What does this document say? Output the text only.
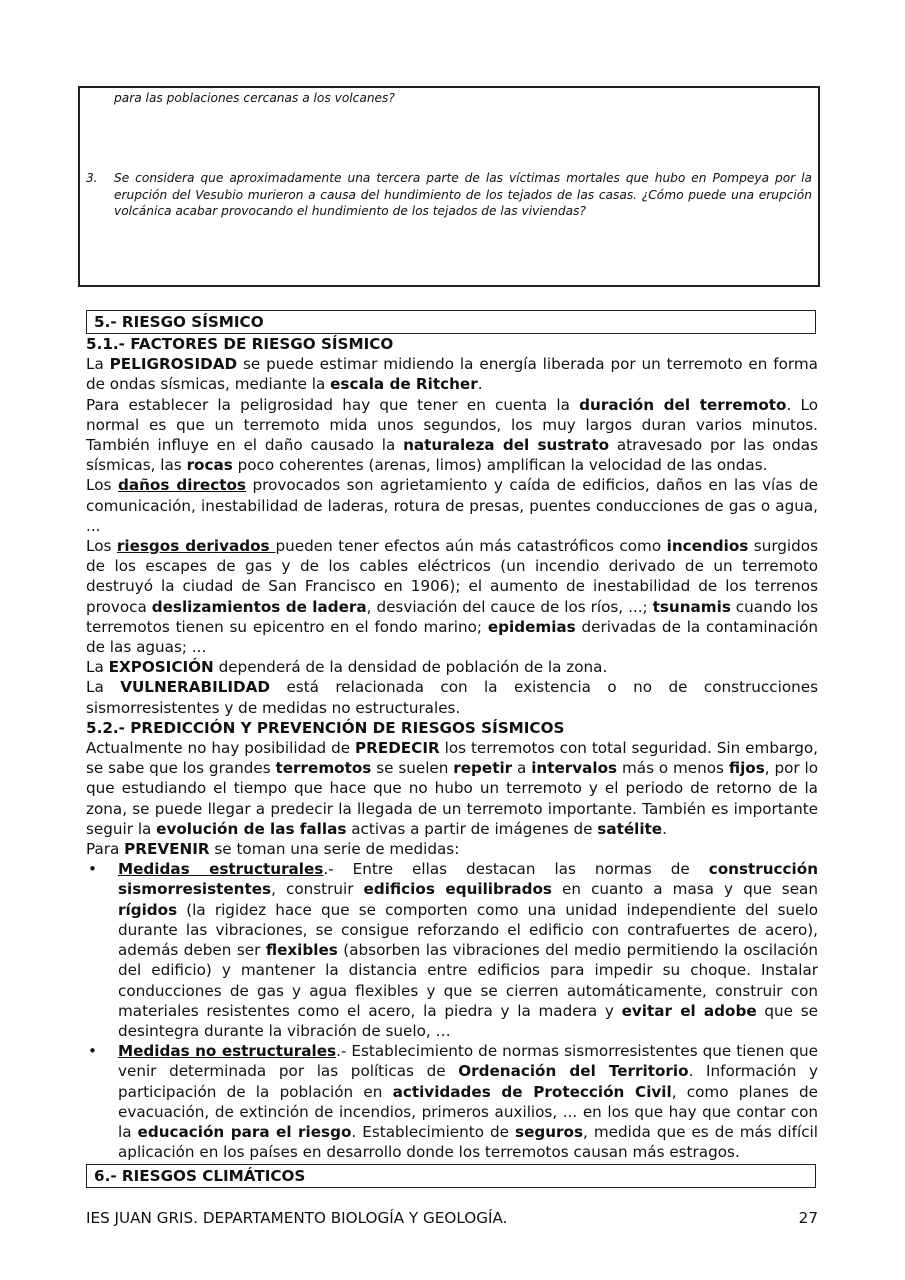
para las poblaciones cercanas a los volcanes?
3.	Se considera que aproximadamente una tercera parte de las víctimas mortales que hubo en Pompeya por la erupción del Vesubio murieron a causa del hundimiento de los tejados de las casas. ¿Cómo puede una erupción volcánica acabar provocando el hundimiento de los tejados de las viviendas?
5.- RIESGO SÍSMICO
5.1.- FACTORES DE RIESGO SÍSMICO

La PELIGROSIDAD se puede estimar midiendo la energía liberada por un terremoto en forma de ondas sísmicas, mediante la escala de Ritcher.

Para establecer la peligrosidad hay que tener en cuenta la duración del terremoto. Lo normal es que un terremoto mida unos segundos, los muy largos duran varios minutos. También influye en el daño causado la naturaleza del sustrato atravesado por las ondas sísmicas, las rocas poco coherentes (arenas, limos) amplifican la velocidad de las ondas.

Los daños directos provocados son agrietamiento y caída de edificios, daños en las vías de comunicación, inestabilidad de laderas, rotura de presas, puentes conducciones de gas o agua, ...

Los riesgos derivados pueden tener efectos aún más catastróficos como incendios surgidos de los escapes de gas y de los cables eléctricos (un incendio derivado de un terremoto destruyó la ciudad de San Francisco en 1906); el aumento de inestabilidad de los terrenos provoca deslizamientos de ladera, desviación del cauce de los ríos, ...; tsunamis cuando los terremotos tienen su epicentro en el fondo marino; epidemias derivadas de la contaminación de las aguas; ...

La EXPOSICIÓN dependerá de la densidad de población de la zona.

La VULNERABILIDAD está relacionada con la existencia o no de construcciones sismorresistentes y de medidas no estructurales.

5.2.- PREDICCIÓN Y PREVENCIÓN DE RIESGOS SÍSMICOS

Actualmente no hay posibilidad de PREDECIR los terremotos con total seguridad. Sin embargo, se sabe que los grandes terremotos se suelen repetir a intervalos más o menos fijos, por lo que estudiando el tiempo que hace que no hubo un terremoto y el periodo de retorno de la zona, se puede llegar a predecir la llegada de un terremoto importante. También es importante seguir la evolución de las fallas activas a partir de imágenes de satélite.

Para PREVENIR se toman una serie de medidas:

• Medidas estructurales.- Entre ellas destacan las normas de construcción sismorresistentes, construir edificios equilibrados en cuanto a masa y que sean rígidos (la rigidez hace que se comporten como una unidad independiente del suelo durante las vibraciones, se consigue reforzando el edificio con contrafuertes de acero), además deben ser flexibles (absorben las vibraciones del medio permitiendo la oscilación del edificio) y mantener la distancia entre edificios para impedir su choque. Instalar conducciones de gas y agua flexibles y que se cierren automáticamente, construir con materiales resistentes como el acero, la piedra y la madera y evitar el adobe que se desintegra durante la vibración de suelo, …
• Medidas no estructurales.- Establecimiento de normas sismorresistentes que tienen que venir determinada por las políticas de Ordenación del Territorio. Información y participación de la población en actividades de Protección Civil, como planes de evacuación, de extinción de incendios, primeros auxilios, ... en los que hay que contar con la educación para el riesgo. Establecimiento de seguros, medida que es de más difícil aplicación en los países en desarrollo donde los terremotos causan más estragos.
6.- RIESGOS CLIMÁTICOS
IES JUAN GRIS. DEPARTAMENTO BIOLOGÍA Y GEOLOGÍA.	27
